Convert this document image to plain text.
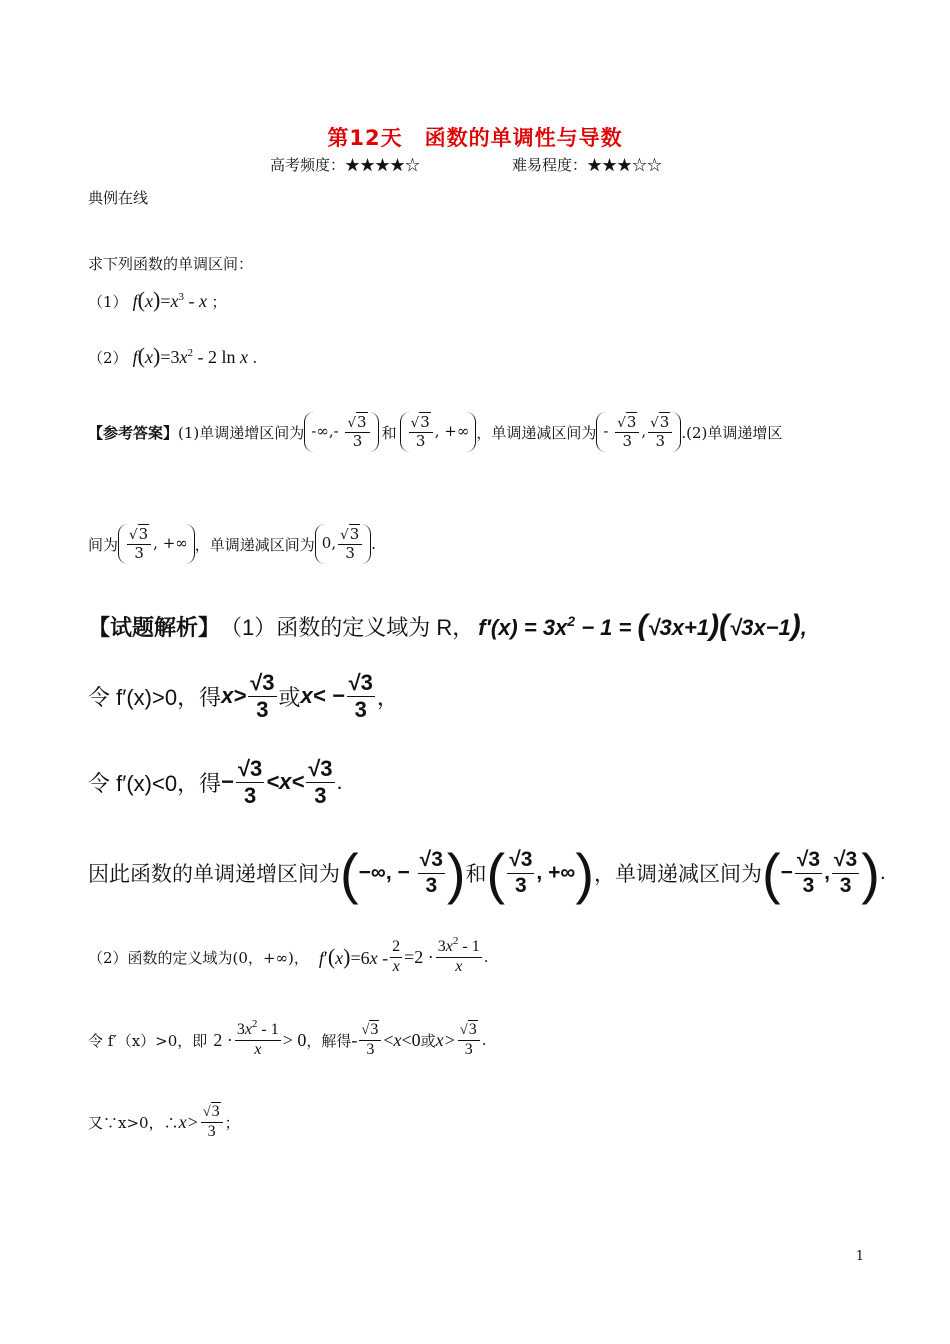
第12天　函数的单调性与导数
高考频度：★★★★☆	难易程度：★★★☆☆
典例在线
求下列函数的单调区间：
（1） $f(x)=x^3 - x$ ；
（2） $f(x)=3x^2 - 2$ ln x .
【参考答案】 (1)单调递增区间为 -∞,- $\frac{√3}{3}$ 和 $\frac{√3}{3}$ , +∞ ，单调递减区间为 - $\frac{√3}{3}$ , $\frac{√3}{3} .(2)$单调递增区
间为 $\frac{√3}{3}$ , +∞ ，单调递减区间为 0, $\frac{√3}{3}$ .
【试题解析】 （1）函数的定义域为 R， $f'(x) = 3x^2 - 1 = (√3x+1)(√3x-1)$,
令 f′(x)>0，得 $x> \frac{√3}{3}$ 或 $x< - \frac{√3}{3}$ ，
令 f′(x)<0，得 − $\frac{√3}{3} <x< \frac{√3}{3}$ .
因此函数的单调递增区间为 (−∞, − $\frac{√3}{3}$ ) 和 ( $\frac{√3}{3}$ , +∞) ，单调递减区间为 (− $\frac{√3}{3}$ , $\frac{√3}{3}$ ) .
（2）函数的定义域为(0，+∞)， $f'(x)=6x - \frac{2}{x} =2 \cdot \frac{3x^2 - 1}{x}$ .
令 f′（x）>0，即 $2 \cdot \frac{3x^2 - 1}{x} > 0$ ，解得 - $\frac{√3}{3} <x<0$ 或 $x> \frac{√3}{3}$ .
又∵x>0，∴ $x> \frac{√3}{3}$ ；
1
